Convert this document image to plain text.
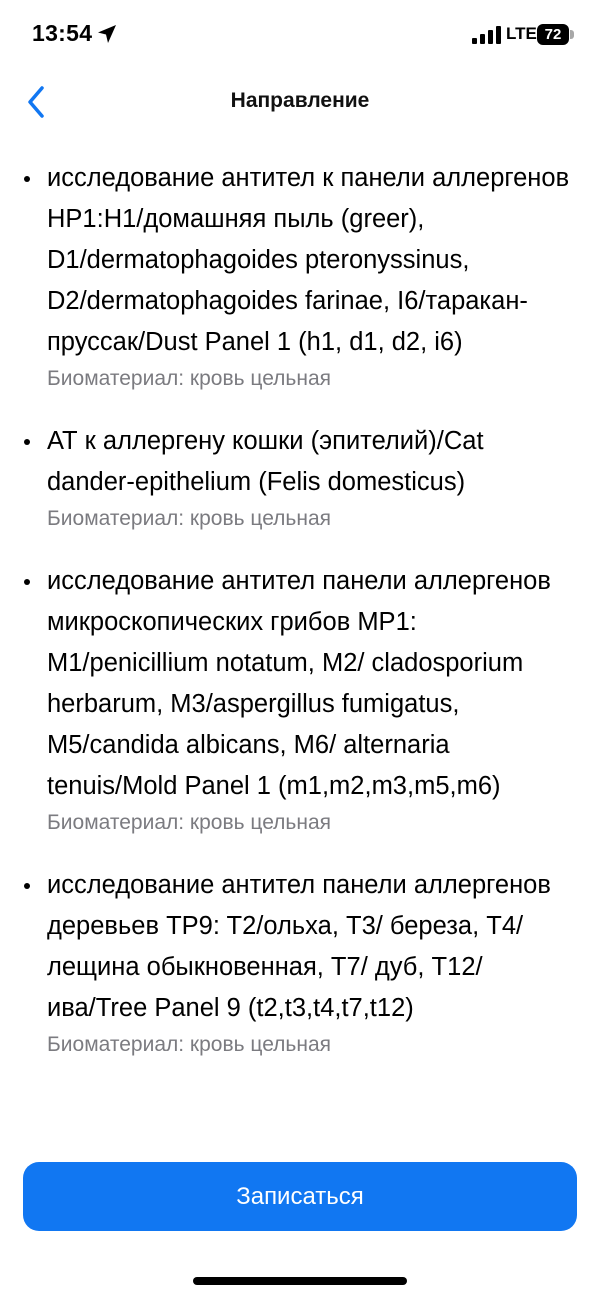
13:54	LTE 72
Направление
исследование антител к панели аллергенов HP1:H1/домашняя пыль (greer), D1/dermatophagoides pteronyssinus, D2/dermatophagoides farinae, I6/таракан-пруссак/Dust Panel 1 (h1, d1, d2, i6)
Биоматериал: кровь цельная
АТ к аллергену кошки (эпителий)/Cat dander-epithelium (Felis domesticus)
Биоматериал: кровь цельная
исследование антител панели аллергенов микроскопических грибов MP1: M1/penicillium notatum, M2/ cladosporium herbarum, M3/aspergillus fumigatus, M5/candida albicans, M6/ alternaria tenuis/Mold Panel 1 (m1,m2,m3,m5,m6)
Биоматериал: кровь цельная
исследование антител панели аллергенов деревьев TP9: T2/ольха, T3/ береза, T4/лещина обыкновенная, T7/ дуб, T12/ива/Tree Panel 9 (t2,t3,t4,t7,t12)
Биоматериал: кровь цельная
Записаться
